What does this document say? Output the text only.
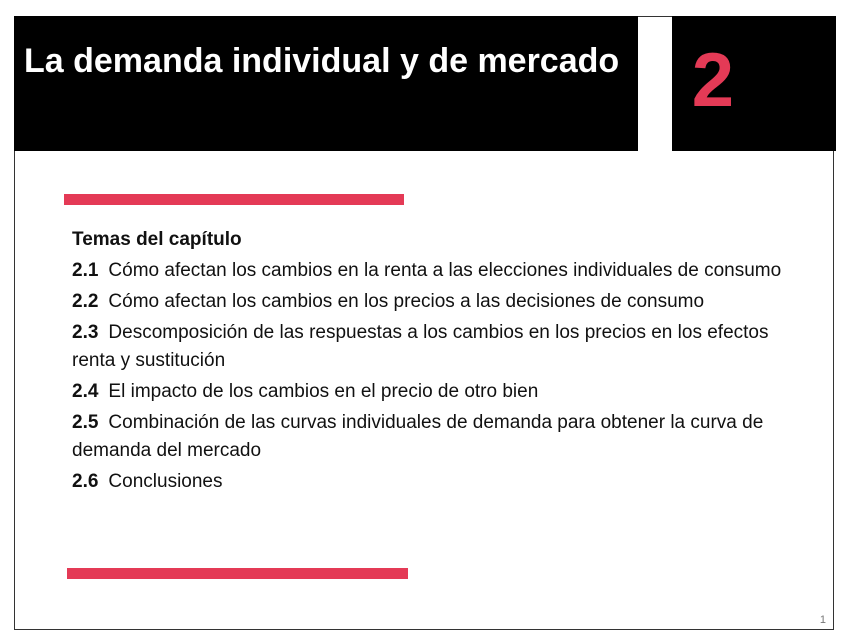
La demanda individual y de mercado 2
Temas del capítulo
2.1 Cómo afectan los cambios en la renta a las elecciones individuales de consumo
2.2 Cómo afectan los cambios en los precios a las decisiones de consumo
2.3 Descomposición de las respuestas a los cambios en los precios en los efectos renta y sustitución
2.4 El impacto de los cambios en el precio de otro bien
2.5 Combinación de las curvas individuales de demanda para obtener la curva de demanda del mercado
2.6 Conclusiones
1
